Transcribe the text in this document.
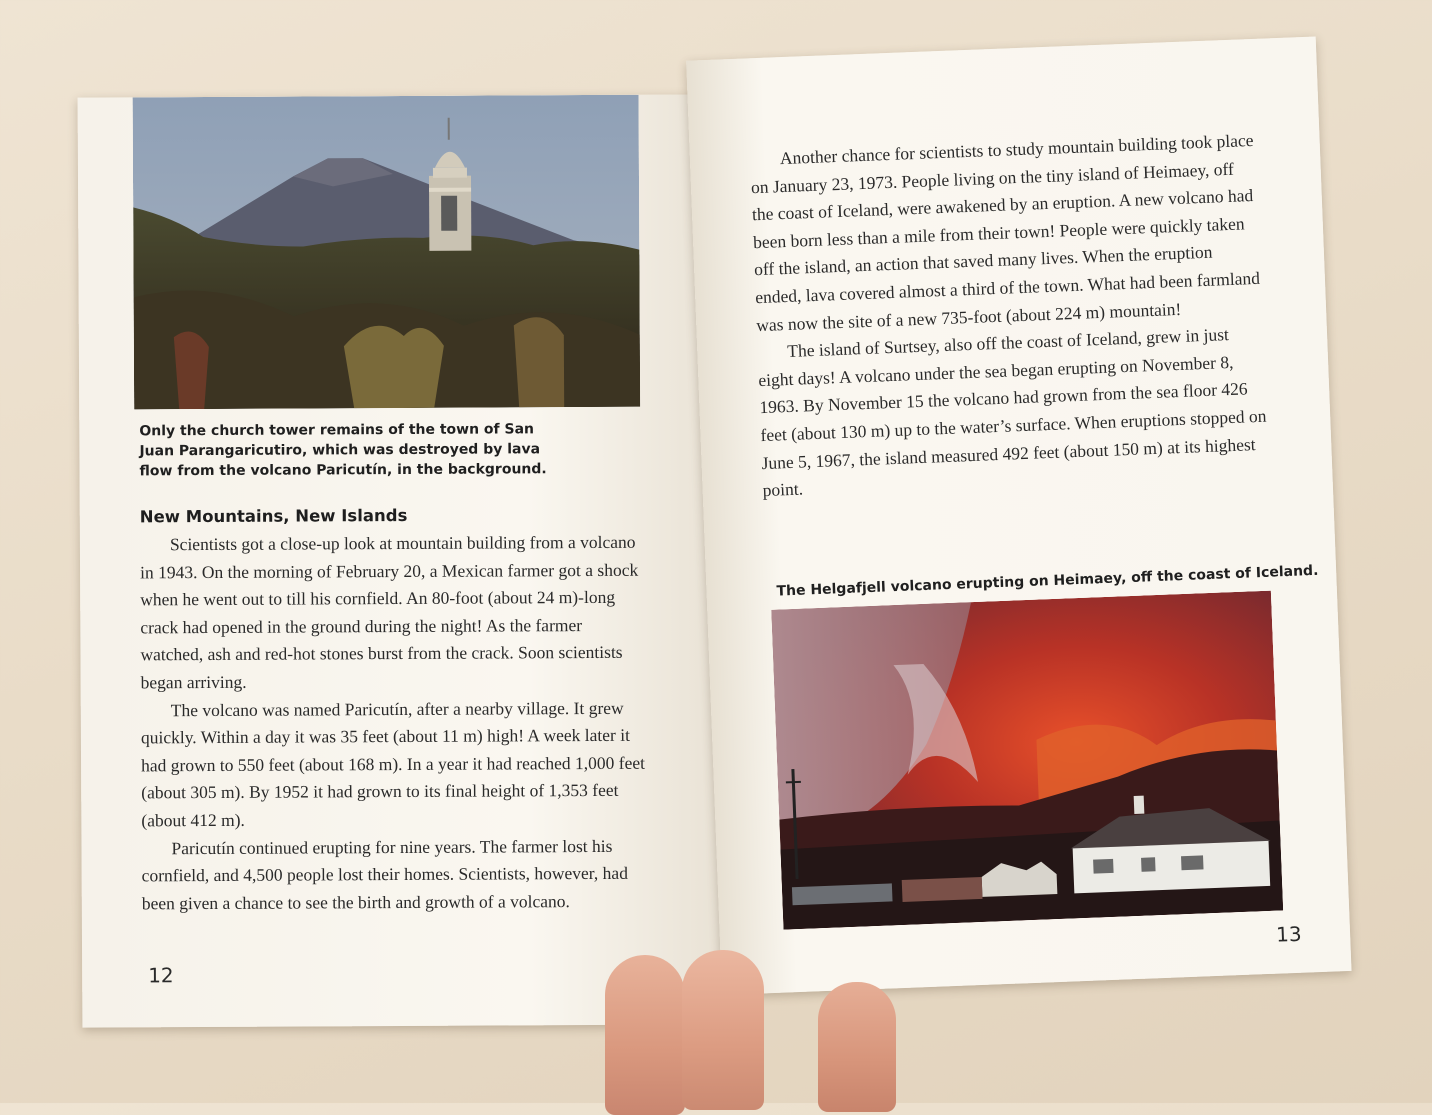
Only the church tower remains of the town of San Juan Parangaricutiro, which was destroyed by lava flow from the volcano Paricutín, in the background.
New Mountains, New Islands

Scientists got a close-up look at mountain building from a volcano in 1943. On the morning of February 20, a Mexican farmer got a shock when he went out to till his cornfield. An 80-foot (about 24 m)-long crack had opened in the ground during the night! As the farmer watched, ash and red-hot stones burst from the crack. Soon scientists began arriving.

The volcano was named Paricutín, after a nearby village. It grew quickly. Within a day it was 35 feet (about 11 m) high! A week later it had grown to 550 feet (about 168 m). In a year it had reached 1,000 feet (about 305 m). By 1952 it had grown to its final height of 1,353 feet (about 412 m).

Paricutín continued erupting for nine years. The farmer lost his cornfield, and 4,500 people lost their homes. Scientists, however, had been given a chance to see the birth and growth of a volcano.

12

Another chance for scientists to study mountain building took place on January 23, 1973. People living on the tiny island of Heimaey, off the coast of Iceland, were awakened by an eruption. A new volcano had been born less than a mile from their town! People were quickly taken off the island, an action that saved many lives. When the eruption ended, lava covered almost a third of the town. What had been farmland was now the site of a new 735-foot (about 224 m) mountain!

The island of Surtsey, also off the coast of Iceland, grew in just eight days! A volcano under the sea began erupting on November 8, 1963. By November 15 the volcano had grown from the sea floor 426 feet (about 130 m) up to the water’s surface. When eruptions stopped on June 5, 1967, the island measured 492 feet (about 150 m) at its highest point.

The Helgafjell volcano erupting on Heimaey, off the coast of Iceland.
13
